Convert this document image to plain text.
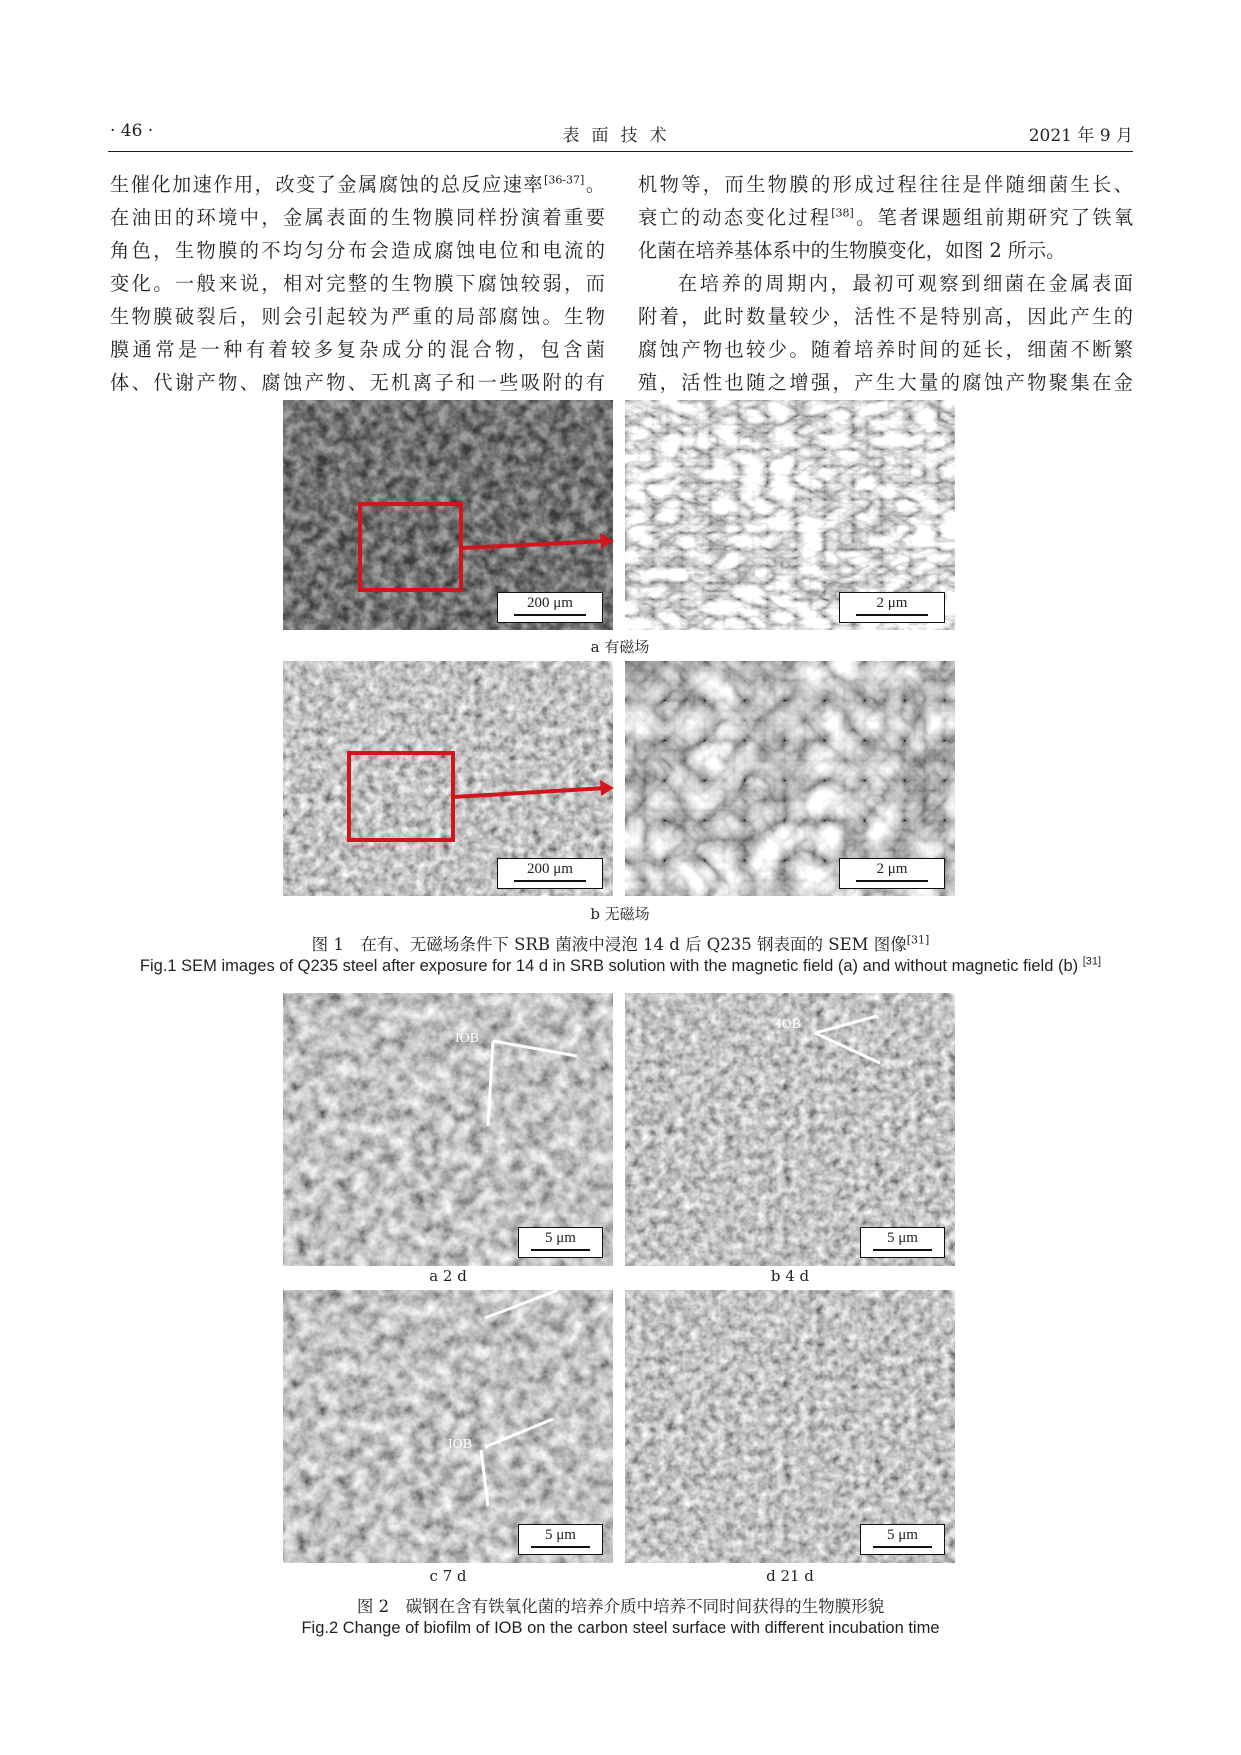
· 46 ·	表面技术	2021 年 9 月
生催化加速作用，改变了金属腐蚀的总反应速率[36-37]。
在油田的环境中，金属表面的生物膜同样扮演着重要
角色，生物膜的不均匀分布会造成腐蚀电位和电流的
变化。一般来说，相对完整的生物膜下腐蚀较弱，而
生物膜破裂后，则会引起较为严重的局部腐蚀。生物
膜通常是一种有着较多复杂成分的混合物，包含菌
体、代谢产物、腐蚀产物、无机离子和一些吸附的有
机物等，而生物膜的形成过程往往是伴随细菌生长、
衰亡的动态变化过程[38]。笔者课题组前期研究了铁氧
化菌在培养基体系中的生物膜变化，如图 2 所示。
在培养的周期内，最初可观察到细菌在金属表面
附着，此时数量较少，活性不是特别高，因此产生的
腐蚀产物也较少。随着培养时间的延长，细菌不断繁
殖，活性也随之增强，产生大量的腐蚀产物聚集在金
200 μm	2 μm
a 有磁场
200 μm	2 μm
b 无磁场
图 1　在有、无磁场条件下 SRB 菌液中浸泡 14 d 后 Q235 钢表面的 SEM 图像[31]
Fig.1 SEM images of Q235 steel after exposure for 14 d in SRB solution with the magnetic field (a) and without magnetic field (b) [31]
IOB
5 μm
IOB
5 μm
a 2 d	b 4 d
IOB
5 μm	5 μm
c 7 d	d 21 d
图 2　碳钢在含有铁氧化菌的培养介质中培养不同时间获得的生物膜形貌
Fig.2 Change of biofilm of IOB on the carbon steel surface with different incubation time
